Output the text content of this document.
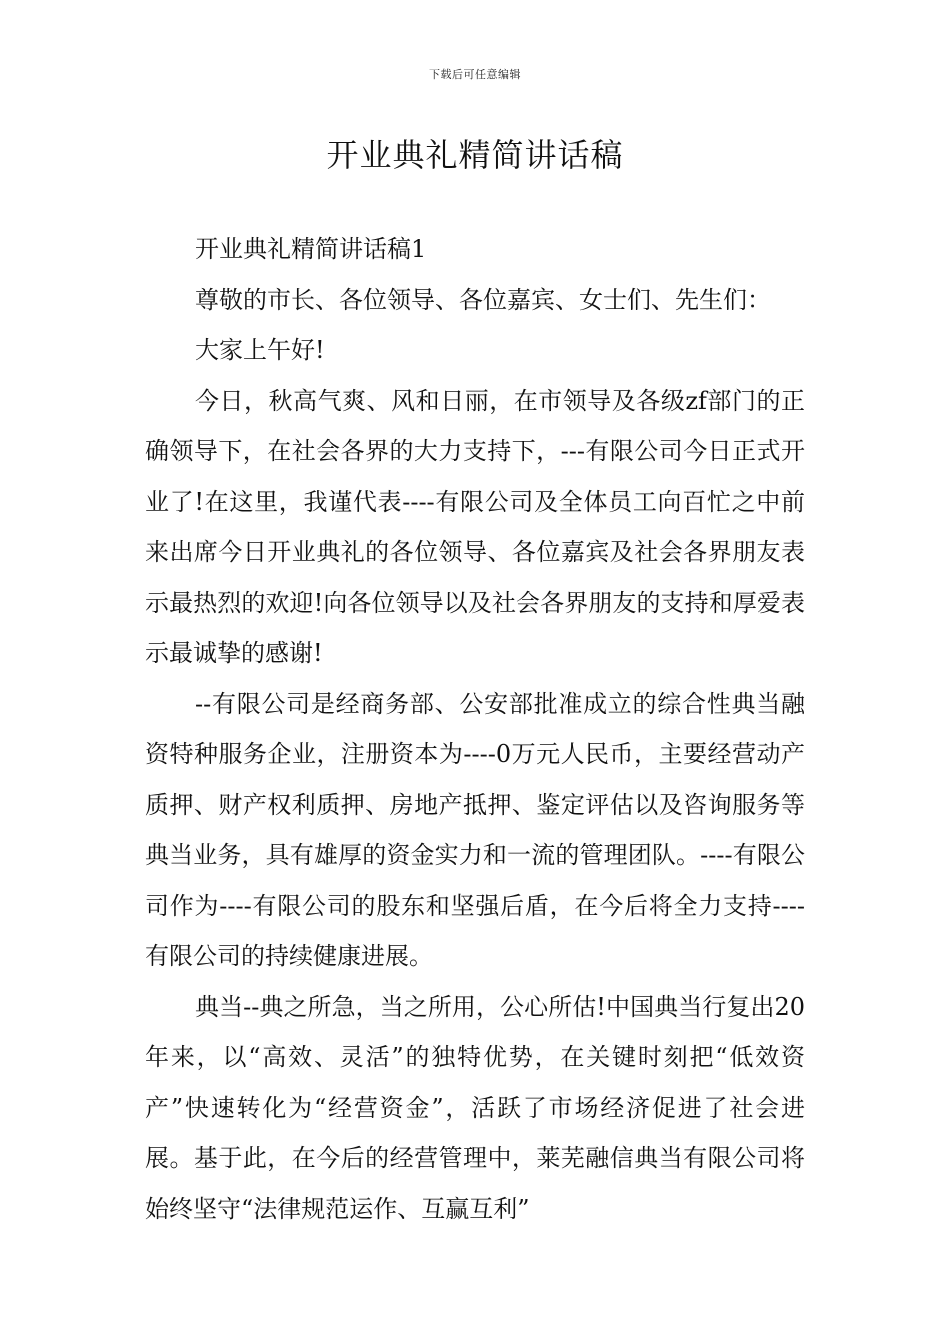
下载后可任意编辑
开业典礼精简讲话稿

开业典礼精简讲话稿1

尊敬的市长、各位领导、各位嘉宾、女士们、先生们：

大家上午好!

今日，秋高气爽、风和日丽，在市领导及各级zf部门的正确领导下，在社会各界的大力支持下，---有限公司今日正式开业了!在这里，我谨代表----有限公司及全体员工向百忙之中前来出席今日开业典礼的各位领导、各位嘉宾及社会各界朋友表示最热烈的欢迎!向各位领导以及社会各界朋友的支持和厚爱表示最诚挚的感谢!

--有限公司是经商务部、公安部批准成立的综合性典当融资特种服务企业，注册资本为----0万元人民币，主要经营动产质押、财产权利质押、房地产抵押、鉴定评估以及咨询服务等典当业务，具有雄厚的资金实力和一流的管理团队。----有限公司作为----有限公司的股东和坚强后盾，在今后将全力支持----有限公司的持续健康进展。

典当--典之所急，当之所用，公心所估!中国典当行复出20年来，以“高效、灵活”的独特优势，在关键时刻把“低效资产”快速转化为“经营资金”，活跃了市场经济促进了社会进展。基于此，在今后的经营管理中，莱芜融信典当有限公司将始终坚守“法律规范运作、互赢互利”
